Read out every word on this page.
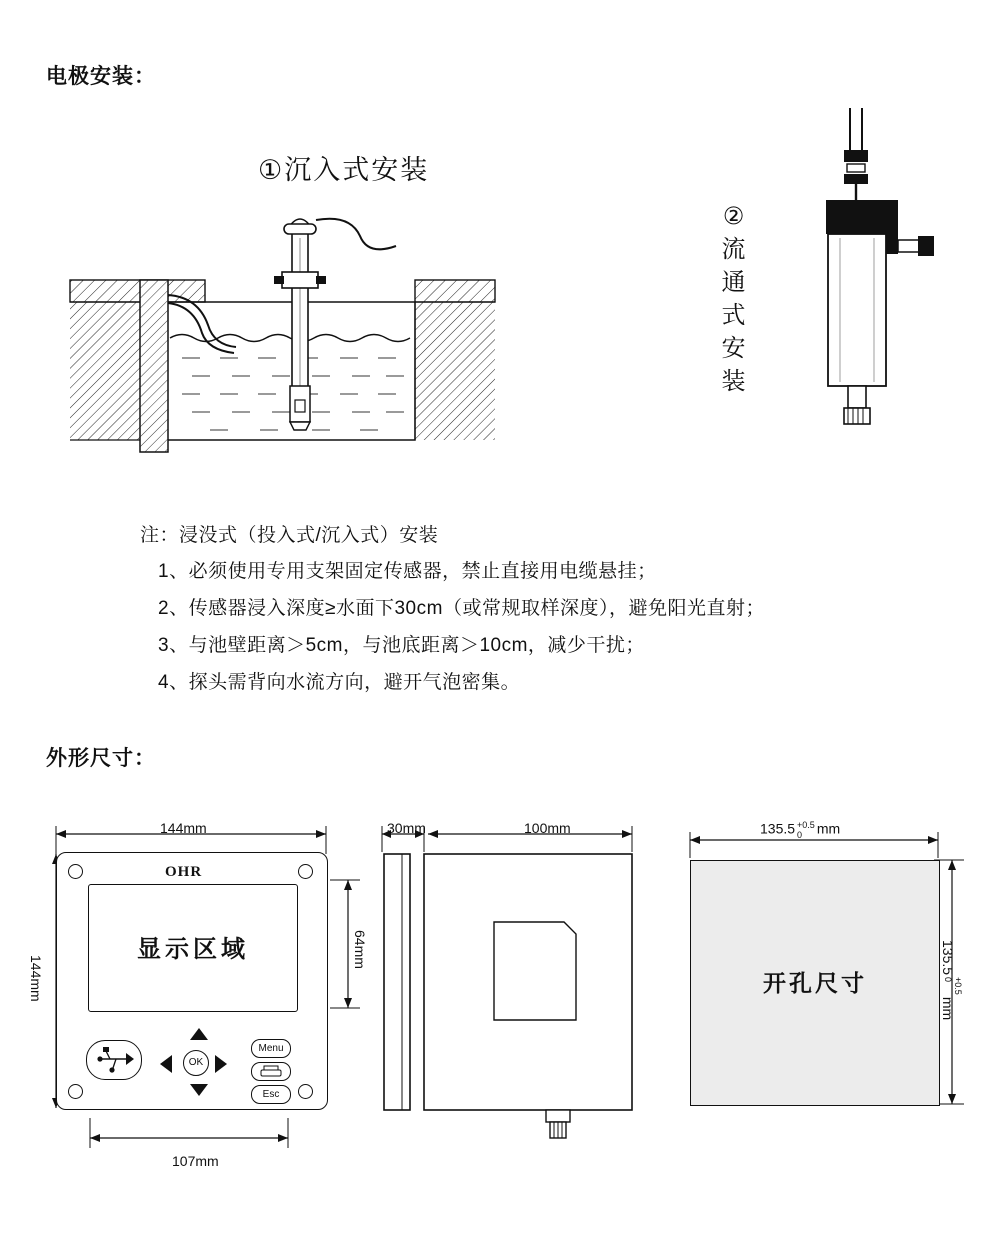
电极安装：
外形尺寸：
①沉入式安装
②流通式安装
注：浸没式（投入式/沉入式）安装
1、必须使用专用支架固定传感器，禁止直接用电缆悬挂；
2、传感器浸入深度≥水面下30cm（或常规取样深度），避免阳光直射；
3、与池壁距离＞5cm，与池底距离＞10cm，减少干扰；
4、探头需背向水流方向，避开气泡密集。
144mm
144mm
64mm
107mm
OHR
显示区域
OK
Menu
Esc
30mm	100mm	135.5 +0.5
0	mm
135.5
+0.5
0
mm
开孔尺寸
